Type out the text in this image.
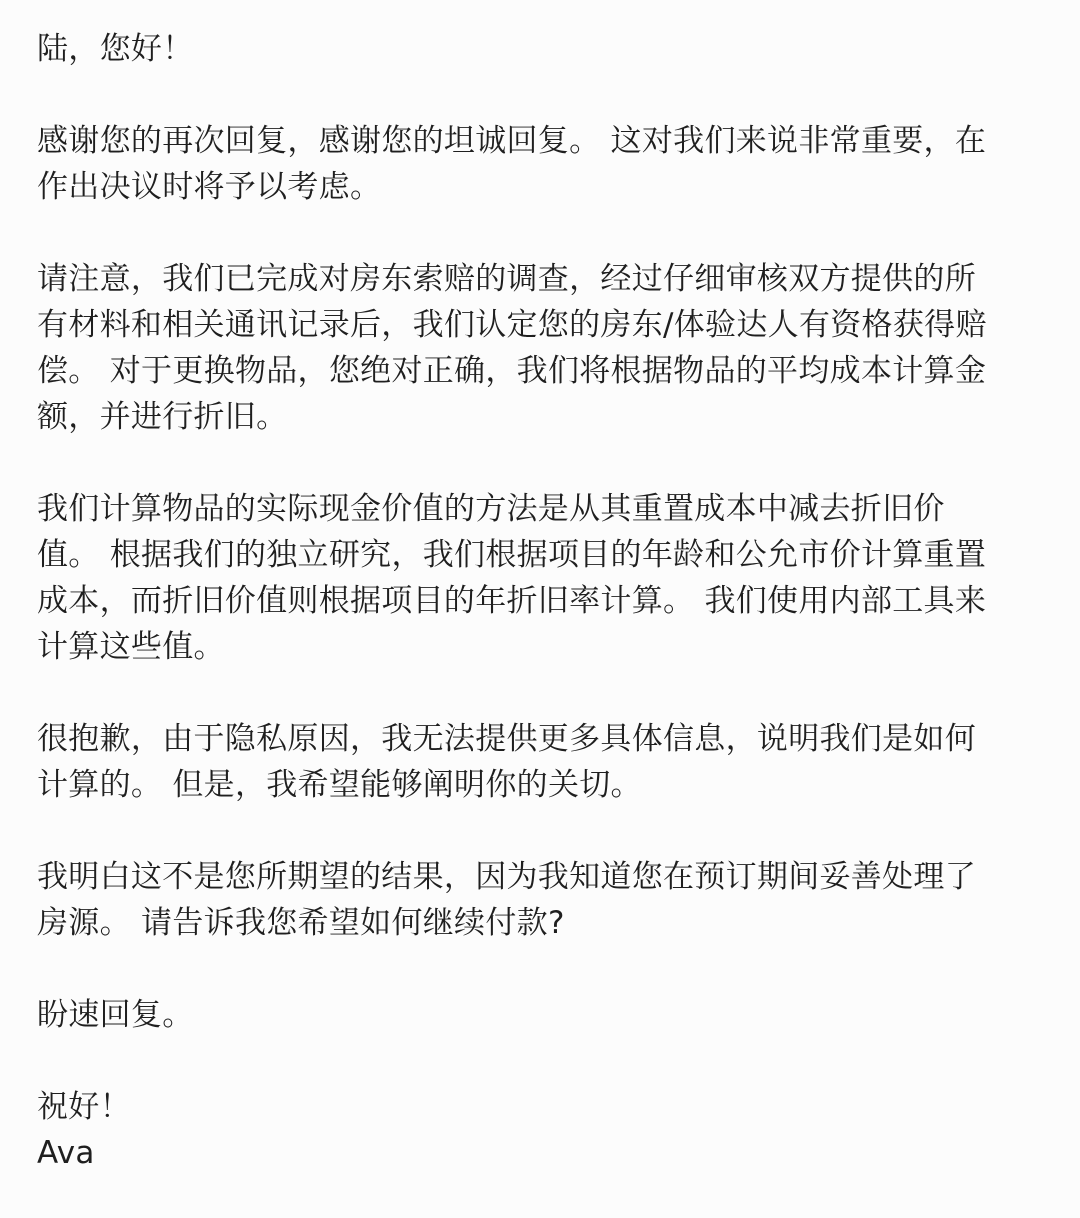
陆，您好！

感谢您的再次回复，感谢您的坦诚回复。 这对我们来说非常重要，在
作出决议时将予以考虑。

请注意，我们已完成对房东索赔的调查，经过仔细审核双方提供的所
有材料和相关通讯记录后，我们认定您的房东/体验达人有资格获得赔
偿。 对于更换物品，您绝对正确，我们将根据物品的平均成本计算金
额，并进行折旧。

我们计算物品的实际现金价值的方法是从其重置成本中减去折旧价
值。 根据我们的独立研究，我们根据项目的年龄和公允市价计算重置
成本，而折旧价值则根据项目的年折旧率计算。 我们使用内部工具来
计算这些值。

很抱歉，由于隐私原因，我无法提供更多具体信息，说明我们是如何
计算的。 但是，我希望能够阐明你的关切。

我明白这不是您所期望的结果，因为我知道您在预订期间妥善处理了
房源。 请告诉我您希望如何继续付款?

盼速回复。

祝好！
Ava
